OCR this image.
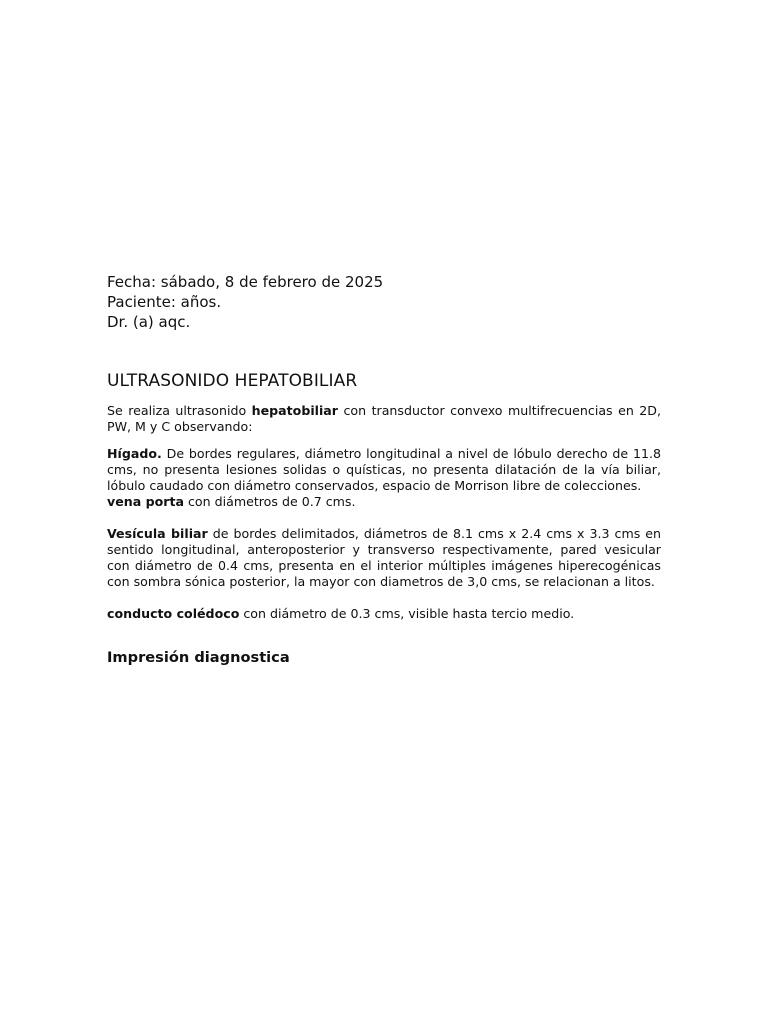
Fecha: sábado, 8 de febrero de 2025

Paciente: años.

Dr. (a) aqc.

ULTRASONIDO HEPATOBILIAR

Se realiza ultrasonido hepatobiliar con transductor convexo multifrecuencias en 2D, PW, M y C observando:

Hígado. De bordes regulares, diámetro longitudinal a nivel de lóbulo derecho de 11.8 cms, no presenta lesiones solidas o quísticas, no presenta dilatación de la vía biliar, lóbulo caudado con diámetro conservados, espacio de Morrison libre de colecciones.
vena porta con diámetros de 0.7 cms.

Vesícula biliar de bordes delimitados, diámetros de 8.1 cms x 2.4 cms x 3.3 cms en sentido longitudinal, anteroposterior y transverso respectivamente, pared vesicular con diámetro de 0.4 cms, presenta en el interior múltiples imágenes hiperecogénicas con sombra sónica posterior, la mayor con diametros de 3,0 cms, se relacionan a litos.

conducto colédoco con diámetro de 0.3 cms, visible hasta tercio medio.

Impresión diagnostica
